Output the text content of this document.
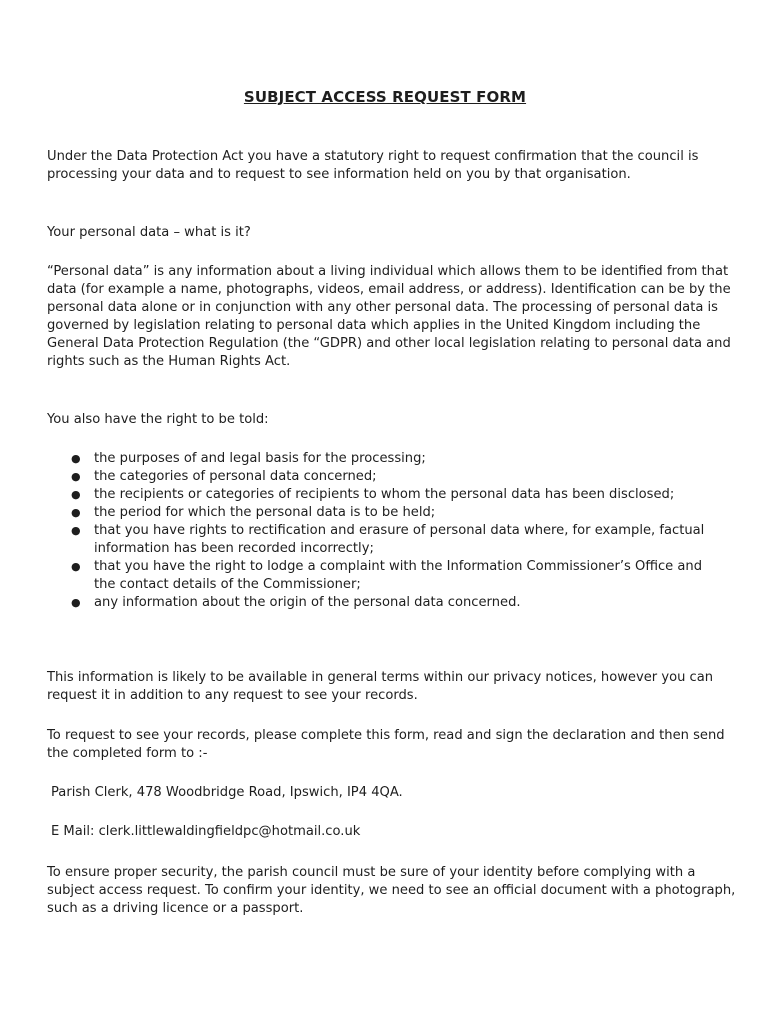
SUBJECT ACCESS REQUEST FORM

Under the Data Protection Act you have a statutory right to request confirmation that the council is processing your data and to request to see information held on you by that organisation.

Your personal data – what is it?

“Personal data” is any information about a living individual which allows them to be identified from that data (for example a name, photographs, videos, email address, or address). Identification can be by the personal data alone or in conjunction with any other personal data. The processing of personal data is governed by legislation relating to personal data which applies in the United Kingdom including the General Data Protection Regulation (the “GDPR) and other local legislation relating to personal data and rights such as the Human Rights Act.

You also have the right to be told:

● the purposes of and legal basis for the processing;
● the categories of personal data concerned;
● the recipients or categories of recipients to whom the personal data has been disclosed;
● the period for which the personal data is to be held;
● that you have rights to rectification and erasure of personal data where, for example, factual information has been recorded incorrectly;
● that you have the right to lodge a complaint with the Information Commissioner’s Office and the contact details of the Commissioner;
● any information about the origin of the personal data concerned.

This information is likely to be available in general terms within our privacy notices, however you can request it in addition to any request to see your records.

To request to see your records, please complete this form, read and sign the declaration and then send the completed form to :-

Parish Clerk, 478 Woodbridge Road, Ipswich, IP4 4QA.

E Mail: clerk.littlewaldingfieldpc@hotmail.co.uk

To ensure proper security, the parish council must be sure of your identity before complying with a subject access request. To confirm your identity, we need to see an official document with a photograph, such as a driving licence or a passport.
